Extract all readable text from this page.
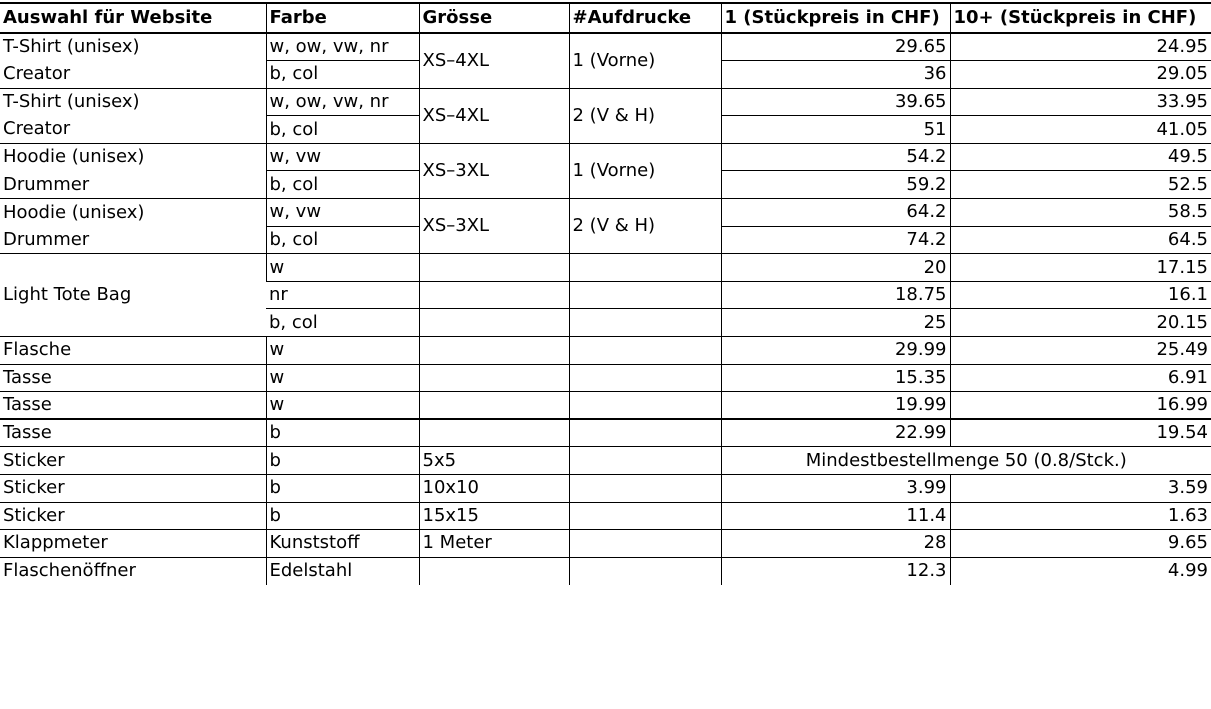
Auswahl für Website	Farbe	Grösse	#Aufdrucke	1 (Stückpreis in CHF)	10+ (Stückpreis in CHF)
T-Shirt (unisex)	w, ow, vw, nr	XS–4XL	1 (Vorne)	29.65	24.95
Creator	b, col			36	29.05
T-Shirt (unisex)	w, ow, vw, nr	XS–4XL	2 (V & H)	39.65	33.95
Creator	b, col			51	41.05
Hoodie (unisex)	w, vw	XS–3XL	1 (Vorne)	54.2	49.5
Drummer	b, col			59.2	52.5
Hoodie (unisex)	w, vw	XS–3XL	2 (V & H)	64.2	58.5
Drummer	b, col			74.2	64.5
Light Tote Bag	w			20	17.15
	nr			18.75	16.1
	b, col			25	20.15
Flasche	w			29.99	25.49
Tasse	w			15.35	6.91
Tasse	w			19.99	16.99
Tasse	b			22.99	19.54
Sticker	b	5x5		Mindestbestellmenge 50 (0.8/Stck.)	
Sticker	b	10x10		3.99	3.59
Sticker	b	15x15		11.4	1.63
Klappmeter	Kunststoff	1 Meter		28	9.65
Flaschenöffner	Edelstahl			12.3	4.99
